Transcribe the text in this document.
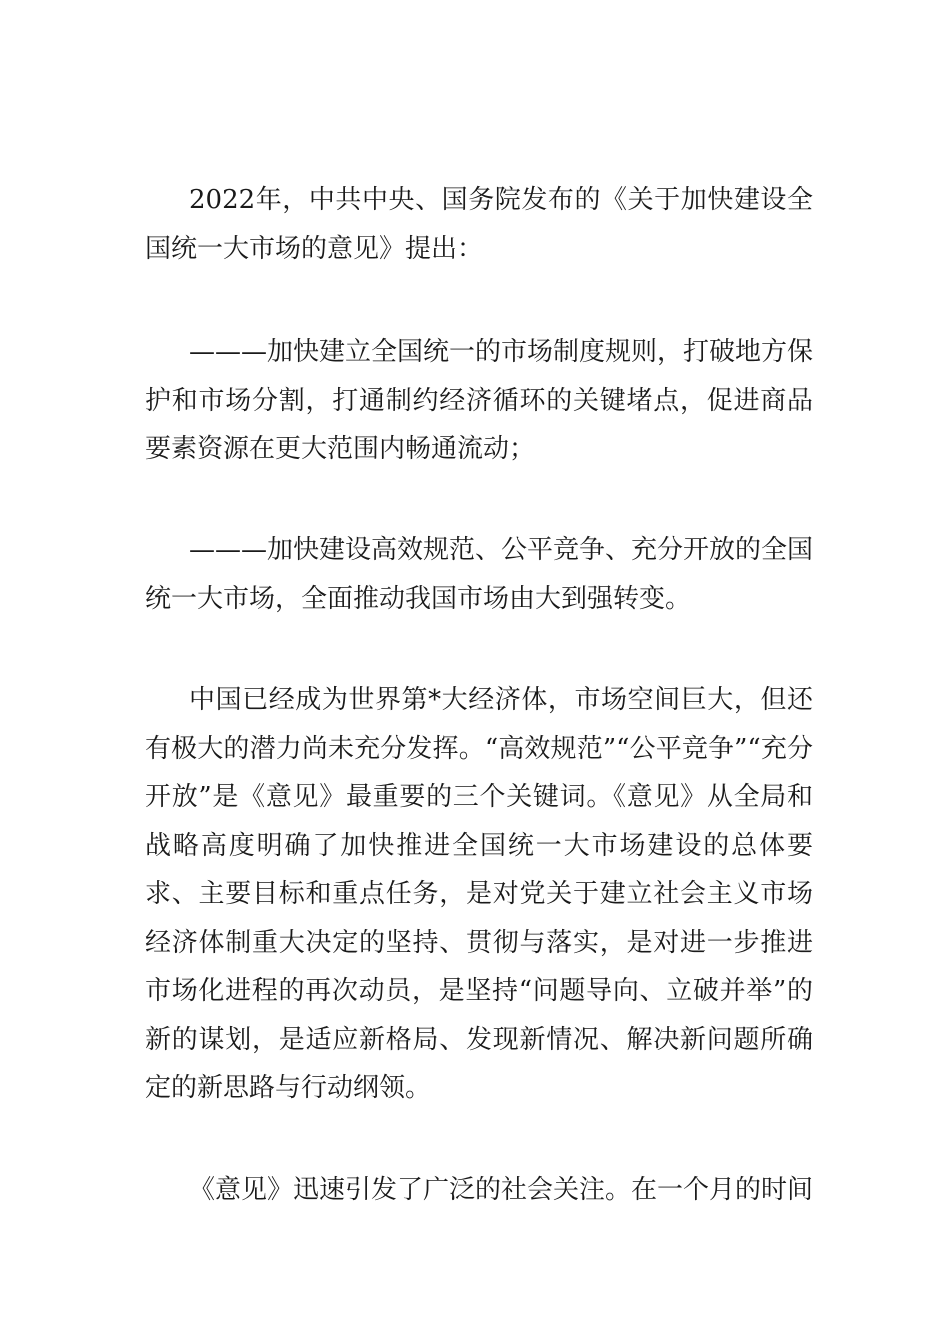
2022年，中共中央、国务院发布的《关于加快建设全国统一大市场的意见》提出：

———加快建立全国统一的市场制度规则，打破地方保护和市场分割，打通制约经济循环的关键堵点，促进商品要素资源在更大范围内畅通流动；

———加快建设高效规范、公平竞争、充分开放的全国统一大市场，全面推动我国市场由大到强转变。

中国已经成为世界第*大经济体，市场空间巨大，但还有极大的潜力尚未充分发挥。“高效规范”“公平竞争”“充分开放”是《意见》最重要的三个关键词。《意见》从全局和战略高度明确了加快推进全国统一大市场建设的总体要求、主要目标和重点任务，是对党关于建立社会主义市场经济体制重大决定的坚持、贯彻与落实，是对进一步推进市场化进程的再次动员，是坚持“问题导向、立破并举”的新的谋划，是适应新格局、发现新情况、解决新问题所确定的新思路与行动纲领。

《意见》迅速引发了广泛的社会关注。在一个月的时间
